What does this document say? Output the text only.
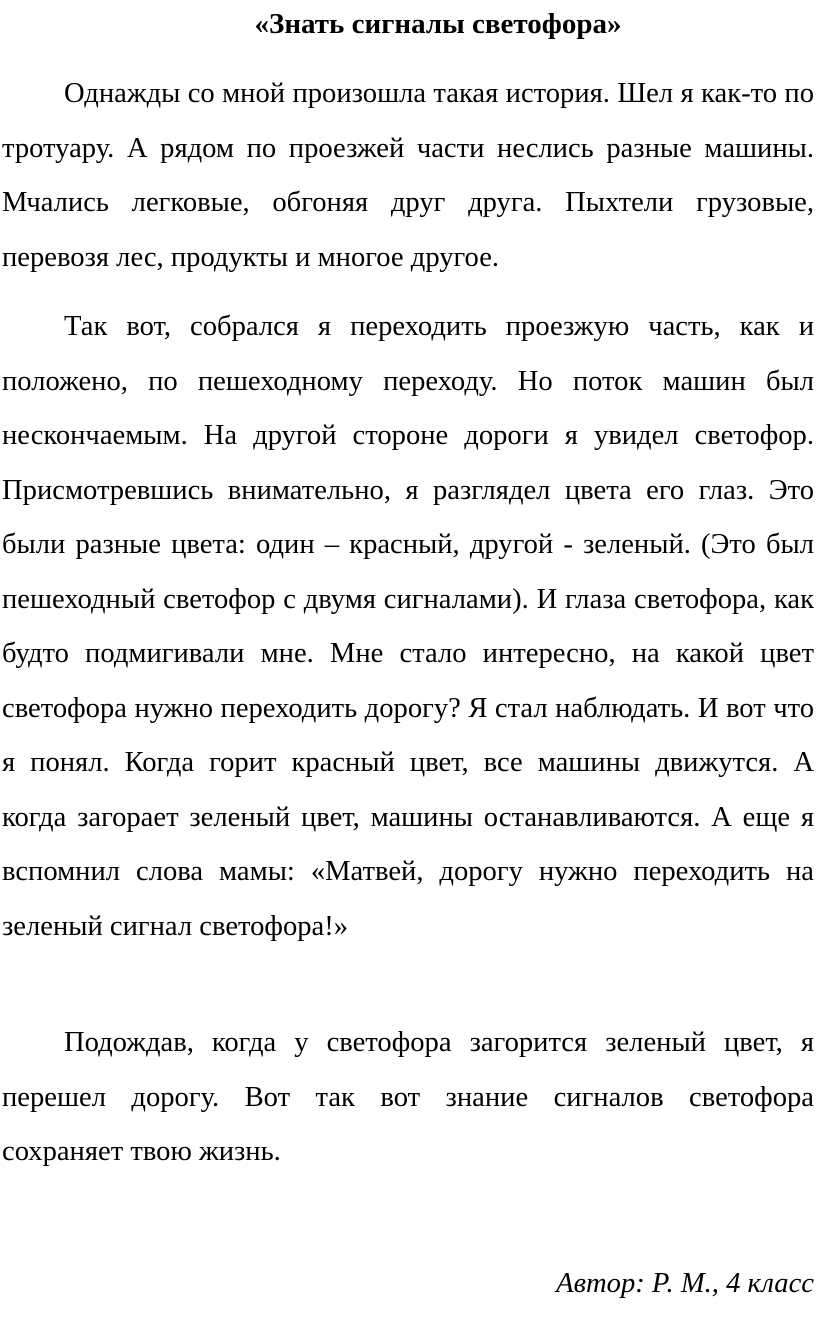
«Знать сигналы светофора»

Однажды со мной произошла такая история. Шел я как-то по тротуару. А рядом по проезжей части неслись разные машины. Мчались легковые, обгоняя друг друга. Пыхтели грузовые, перевозя лес, продукты и многое другое.

Так вот, собрался я переходить проезжую часть, как и положено, по пешеходному переходу. Но поток машин был нескончаемым. На другой стороне дороги я увидел светофор. Присмотревшись внимательно, я разглядел цвета его глаз. Это были разные цвета: один – красный, другой - зеленый. (Это был пешеходный светофор с двумя сигналами). И глаза светофора, как будто подмигивали мне. Мне стало интересно, на какой цвет светофора нужно переходить дорогу? Я стал наблюдать. И вот что я понял. Когда горит красный цвет, все машины движутся. А когда загорает зеленый цвет, машины останавливаются. А еще я вспомнил слова мамы: «Матвей, дорогу нужно переходить на зеленый сигнал светофора!»

Подождав, когда у светофора загорится зеленый цвет, я перешел дорогу. Вот так вот знание сигналов светофора сохраняет твою жизнь.

Автор: Р. М., 4 класс
